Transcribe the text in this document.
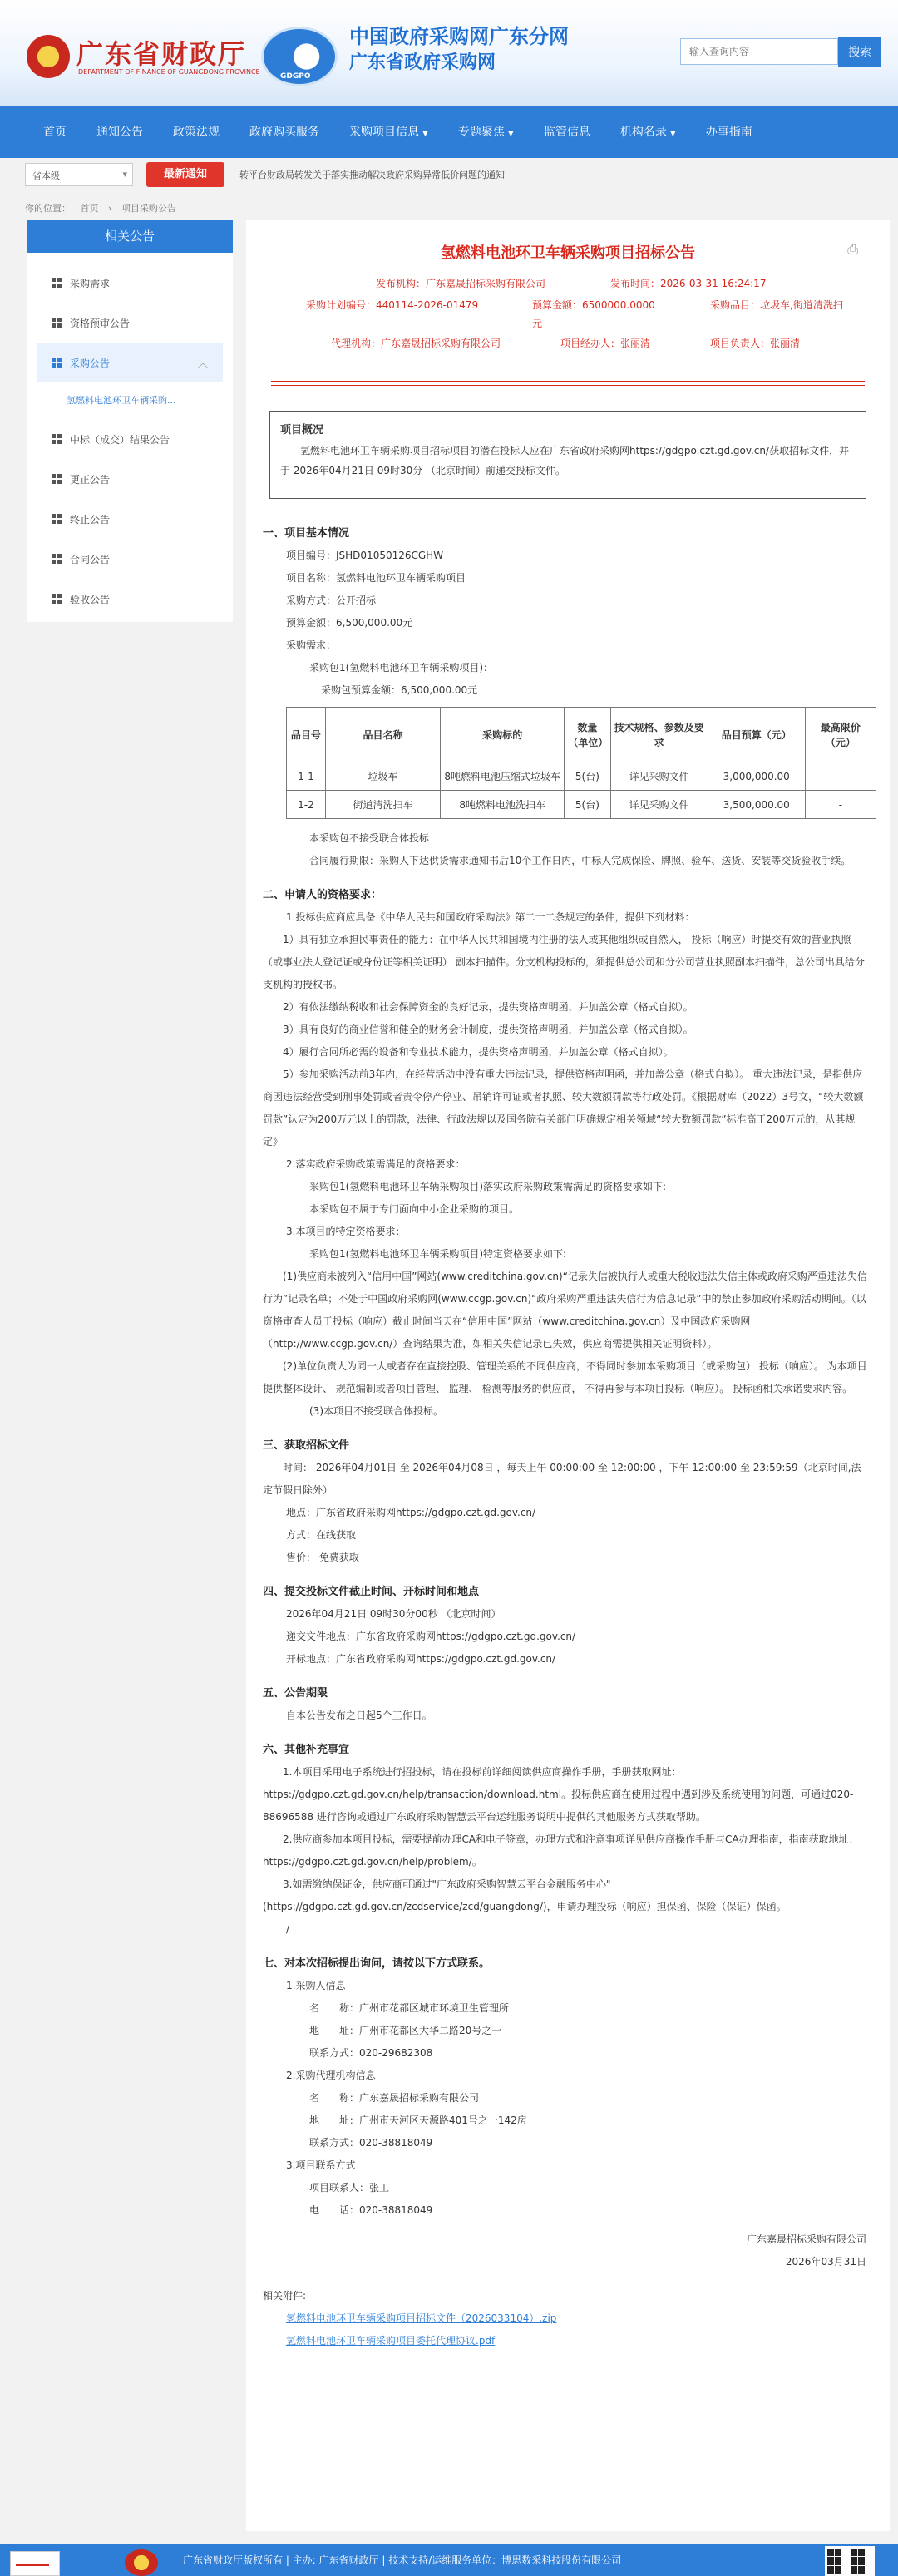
广东省财政厅
DEPARTMENT OF FINANCE OF GUANGDONG PROVINCE
GDGPO
中国政府采购网广东分网
广东省政府采购网
输入查询内容	搜索
首页	通知公告	政策法规	政府购买服务	采购项目信息 ▼	专题聚焦 ▼	监管信息	机构名录 ▼	办事指南
省本级 ▾	最新通知	转平台财政局转发关于落实推动解决政府采购异常低价问题的通知
你的位置： 首页 › 项目采购公告
相关公告
采购需求
资格预审公告
采购公告	︿
氢燃料电池环卫车辆采购...
中标（成交）结果公告
更正公告
终止公告
合同公告
验收公告
氢燃料电池环卫车辆采购项目招标公告	⎙
发布机构：广东嘉晟招标采购有限公司	发布时间：2026-03-31 16:24:17
采购计划编号：440114-2026-01479	预算金额：6500000.0000
元
采购品目：垃圾车,街道清洗扫
代理机构：广东嘉晟招标采购有限公司	项目经办人：张丽清	项目负责人：张丽清
项目概况
氢燃料电池环卫车辆采购项目招标项目的潜在投标人应在广东省政府采购网https://gdgpo.czt.gd.gov.cn/获取招标文件，并于 2026年04月21日 09时30分 （北京时间）前递交投标文件。
一、项目基本情况
项目编号：JSHD01050126CGHW
项目名称：氢燃料电池环卫车辆采购项目
采购方式：公开招标
预算金额：6,500,000.00元
采购需求：
采购包1(氢燃料电池环卫车辆采购项目)：
采购包预算金额：6,500,000.00元
品目号	品目名称	采购标的	数量（单位）	技术规格、参数及要求	品目预算（元）	最高限价（元）
1-1	垃圾车	8吨燃料电池压缩式垃圾车	5(台)	详见采购文件	3,000,000.00	-
1-2	街道清洗扫车	8吨燃料电池洗扫车	5(台)	详见采购文件	3,500,000.00	-
本采购包不接受联合体投标
合同履行期限：采购人下达供货需求通知书后10个工作日内，中标人完成保险、牌照、验车、送货、安装等交货验收手续。
二、申请人的资格要求：
1.投标供应商应具备《中华人民共和国政府采购法》第二十二条规定的条件，提供下列材料：
1）具有独立承担民事责任的能力：在中华人民共和国境内注册的法人或其他组织或自然人， 投标（响应）时提交有效的营业执照（或事业法人登记证或身份证等相关证明） 副本扫描件。分支机构投标的，须提供总公司和分公司营业执照副本扫描件，总公司出具给分支机构的授权书。
2）有依法缴纳税收和社会保障资金的良好记录，提供资格声明函，并加盖公章（格式自拟）。
3）具有良好的商业信誉和健全的财务会计制度，提供资格声明函，并加盖公章（格式自拟）。
4）履行合同所必需的设备和专业技术能力，提供资格声明函，并加盖公章（格式自拟）。
5）参加采购活动前3年内，在经营活动中没有重大违法记录，提供资格声明函，并加盖公章（格式自拟）。 重大违法记录，是指供应商因违法经营受到刑事处罚或者责令停产停业、吊销许可证或者执照、较大数额罚款等行政处罚。《根据财库（2022）3号文，“较大数额罚款”认定为200万元以上的罚款，法律、行政法规以及国务院有关部门明确规定相关领域“较大数额罚款”标准高于200万元的，从其规定》
2.落实政府采购政策需满足的资格要求：
采购包1(氢燃料电池环卫车辆采购项目)落实政府采购政策需满足的资格要求如下:
本采购包不属于专门面向中小企业采购的项目。
3.本项目的特定资格要求：
采购包1(氢燃料电池环卫车辆采购项目)特定资格要求如下:
(1)供应商未被列入“信用中国”网站(www.creditchina.gov.cn)“记录失信被执行人或重大税收违法失信主体或政府采购严重违法失信行为”记录名单；不处于中国政府采购网(www.ccgp.gov.cn)“政府采购严重违法失信行为信息记录”中的禁止参加政府采购活动期间。（以资格审查人员于投标（响应）截止时间当天在“信用中国”网站（www.creditchina.gov.cn）及中国政府采购网（http://www.ccgp.gov.cn/）查询结果为准，如相关失信记录已失效，供应商需提供相关证明资料）。
(2)单位负责人为同一人或者存在直接控股、管理关系的不同供应商，不得同时参加本采购项目（或采购包） 投标（响应）。 为本项目提供整体设计、 规范编制或者项目管理、 监理、 检测等服务的供应商， 不得再参与本项目投标（响应）。 投标函相关承诺要求内容。
(3)本项目不接受联合体投标。
三、获取招标文件
时间： 2026年04月01日 至 2026年04月08日 ，每天上午 00:00:00 至 12:00:00 ，下午 12:00:00 至 23:59:59（北京时间,法定节假日除外）
地点：广东省政府采购网https://gdgpo.czt.gd.gov.cn/
方式：在线获取
售价： 免费获取
四、提交投标文件截止时间、开标时间和地点
2026年04月21日 09时30分00秒 （北京时间）
递交文件地点：广东省政府采购网https://gdgpo.czt.gd.gov.cn/
开标地点：广东省政府采购网https://gdgpo.czt.gd.gov.cn/
五、公告期限
自本公告发布之日起5个工作日。
六、其他补充事宜
1.本项目采用电子系统进行招投标，请在投标前详细阅读供应商操作手册，手册获取网址：https://gdgpo.czt.gd.gov.cn/help/transaction/download.html。投标供应商在使用过程中遇到涉及系统使用的问题，可通过020-88696588 进行咨询或通过广东政府采购智慧云平台运维服务说明中提供的其他服务方式获取帮助。
2.供应商参加本项目投标，需要提前办理CA和电子签章，办理方式和注意事项详见供应商操作手册与CA办理指南，指南获取地址：https://gdgpo.czt.gd.gov.cn/help/problem/。
3.如需缴纳保证金，供应商可通过"广东政府采购智慧云平台金融服务中心"(https://gdgpo.czt.gd.gov.cn/zcdservice/zcd/guangdong/)，申请办理投标（响应）担保函、保险（保证）保函。
/
七、对本次招标提出询问，请按以下方式联系。
1.采购人信息
名　　称：广州市花都区城市环境卫生管理所
地　　址：广州市花都区大华二路20号之一
联系方式：020-29682308
2.采购代理机构信息
名　　称：广东嘉晟招标采购有限公司
地　　址：广州市天河区天源路401号之一142房
联系方式：020-38818049
3.项目联系方式
项目联系人：张工
电　　话：020-38818049
广东嘉晟招标采购有限公司
2026年03月31日
相关附件:
氢燃料电池环卫车辆采购项目招标文件（2026033104）.zip
氢燃料电池环卫车辆采购项目委托代理协议.pdf
广东省财政厅版权所有 | 主办: 广东省财政厅 | 技术支持/运维服务单位：博思数采科技股份有限公司
